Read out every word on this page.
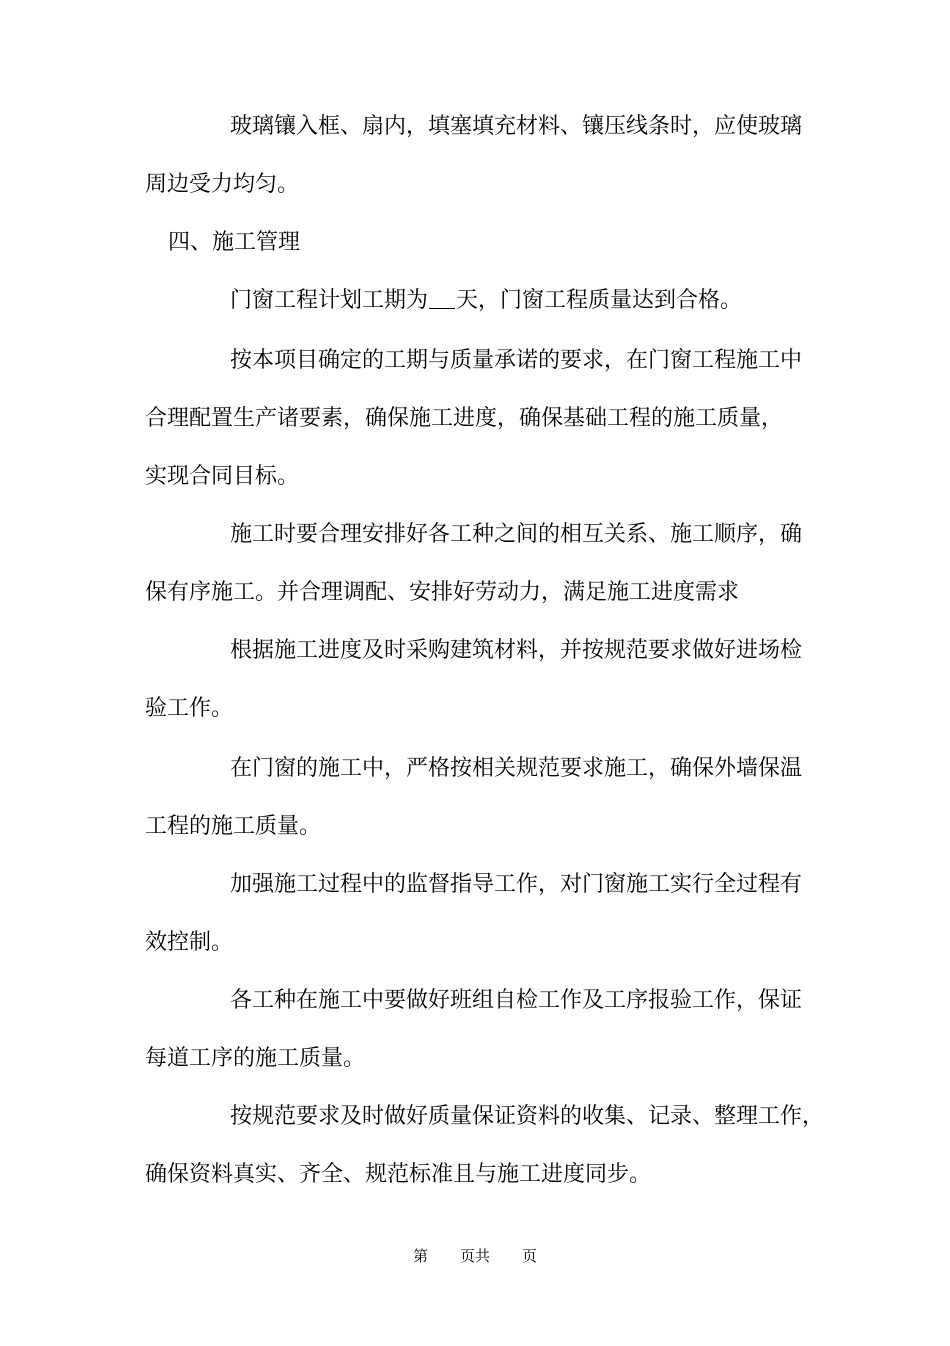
玻璃镶入框、扇内，填塞填充材料、镶压线条时，应使玻璃
周边受力均匀。
四、施工管理
门窗工程计划工期为 天，门窗工程质量达到合格。
按本项目确定的工期与质量承诺的要求，在门窗工程施工中
合理配置生产诸要素，确保施工进度，确保基础工程的施工质量，
实现合同目标。
施工时要合理安排好各工种之间的相互关系、施工顺序，确
保有序施工。并合理调配、安排好劳动力，满足施工进度需求
根据施工进度及时采购建筑材料，并按规范要求做好进场检
验工作。
在门窗的施工中，严格按相关规范要求施工，确保外墙保温
工程的施工质量。
加强施工过程中的监督指导工作，对门窗施工实行全过程有
效控制。
各工种在施工中要做好班组自检工作及工序报验工作，保证
每道工序的施工质量。
按规范要求及时做好质量保证资料的收集、记录、整理工作，
确保资料真实、齐全、规范标准且与施工进度同步。
第 页共 页
